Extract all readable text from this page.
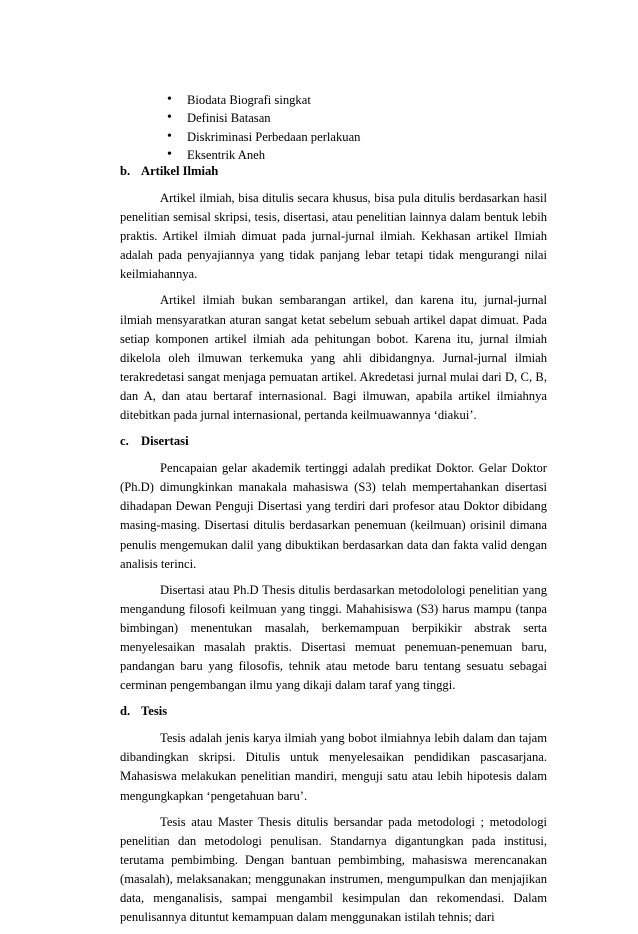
• Biodata Biografi singkat
• Definisi Batasan
• Diskriminasi Perbedaan perlakuan
• Eksentrik Aneh
b. Artikel Ilmiah

Artikel ilmiah, bisa ditulis secara khusus, bisa pula ditulis berdasarkan hasil penelitian semisal skripsi, tesis, disertasi, atau penelitian lainnya dalam bentuk lebih praktis. Artikel ilmiah dimuat pada jurnal-jurnal ilmiah. Kekhasan artikel Ilmiah adalah pada penyajiannya yang tidak panjang lebar tetapi tidak mengurangi nilai keilmiahannya.

Artikel ilmiah bukan sembarangan artikel, dan karena itu, jurnal-jurnal ilmiah mensyaratkan aturan sangat ketat sebelum sebuah artikel dapat dimuat. Pada setiap komponen artikel ilmiah ada pehitungan bobot. Karena itu, jurnal ilmiah dikelola oleh ilmuwan terkemuka yang ahli dibidangnya. Jurnal-jurnal ilmiah terakredetasi sangat menjaga pemuatan artikel. Akredetasi jurnal mulai dari D, C, B, dan A, dan atau bertaraf internasional. Bagi ilmuwan, apabila artikel ilmiahnya ditebitkan pada jurnal internasional, pertanda keilmuawannya ‘diakui’.

c. Disertasi

Pencapaian gelar akademik tertinggi adalah predikat Doktor. Gelar Doktor (Ph.D) dimungkinkan manakala mahasiswa (S3) telah mempertahankan disertasi dihadapan Dewan Penguji Disertasi yang terdiri dari profesor atau Doktor dibidang masing-masing. Disertasi ditulis berdasarkan penemuan (keilmuan) orisinil dimana penulis mengemukan dalil yang dibuktikan berdasarkan data dan fakta valid dengan analisis terinci.

Disertasi atau Ph.D Thesis ditulis berdasarkan metodolologi penelitian yang mengandung filosofi keilmuan yang tinggi. Mahahisiswa (S3) harus mampu (tanpa bimbingan) menentukan masalah, berkemampuan berpikikir abstrak serta menyelesaikan masalah praktis. Disertasi memuat penemuan-penemuan baru, pandangan baru yang filosofis, tehnik atau metode baru tentang sesuatu sebagai cerminan pengembangan ilmu yang dikaji dalam taraf yang tinggi.

d. Tesis

Tesis adalah jenis karya ilmiah yang bobot ilmiahnya lebih dalam dan tajam dibandingkan skripsi. Ditulis untuk menyelesaikan pendidikan pascasarjana. Mahasiswa melakukan penelitian mandiri, menguji satu atau lebih hipotesis dalam mengungkapkan ‘pengetahuan baru’.

Tesis atau Master Thesis ditulis bersandar pada metodologi ; metodologi penelitian dan metodologi penulisan. Standarnya digantungkan pada institusi, terutama pembimbing. Dengan bantuan pembimbing, mahasiswa merencanakan (masalah), melaksanakan; menggunakan instrumen, mengumpulkan dan menjajikan data, menganalisis, sampai mengambil kesimpulan dan rekomendasi. Dalam penulisannya dituntut kemampuan dalam menggunakan istilah tehnis; dari
